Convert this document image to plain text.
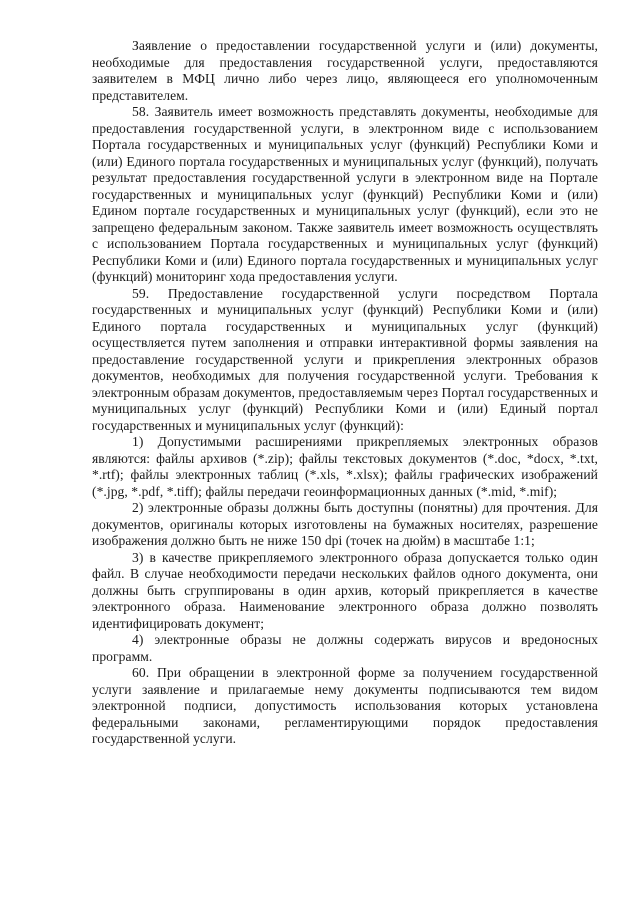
Заявление о предоставлении государственной услуги и (или) документы, необходимые для предоставления государственной услуги, предоставляются заявителем в МФЦ лично либо через лицо, являющееся его уполномоченным представителем.

58. Заявитель имеет возможность представлять документы, необходимые для предоставления государственной услуги, в электронном виде с использованием Портала государственных и муниципальных услуг (функций) Республики Коми и (или) Единого портала государственных и муниципальных услуг (функций), получать результат предоставления государственной услуги в электронном виде на Портале государственных и муниципальных услуг (функций) Республики Коми и (или) Едином портале государственных и муниципальных услуг (функций), если это не запрещено федеральным законом. Также заявитель имеет возможность осуществлять с использованием Портала государственных и муниципальных услуг (функций) Республики Коми и (или) Единого портала государственных и муниципальных услуг (функций) мониторинг хода предоставления услуги.

59. Предоставление государственной услуги посредством Портала государственных и муниципальных услуг (функций) Республики Коми и (или) Единого портала государственных и муниципальных услуг (функций) осуществляется путем заполнения и отправки интерактивной формы заявления на предоставление государственной услуги и прикрепления электронных образов документов, необходимых для получения государственной услуги. Требования к электронным образам документов, предоставляемым через Портал государственных и муниципальных услуг (функций) Республики Коми и (или) Единый портал государственных и муниципальных услуг (функций):

1) Допустимыми расширениями прикрепляемых электронных образов являются: файлы архивов (*.zip); файлы текстовых документов (*.doc, *docx, *.txt, *.rtf); файлы электронных таблиц (*.xls, *.xlsx); файлы графических изображений (*.jpg, *.pdf, *.tiff); файлы передачи геоинформационных данных (*.mid, *.mif);

2) электронные образы должны быть доступны (понятны) для прочтения. Для документов, оригиналы которых изготовлены на бумажных носителях, разрешение изображения должно быть не ниже 150 dpi (точек на дюйм) в масштабе 1:1;

3) в качестве прикрепляемого электронного образа допускается только один файл. В случае необходимости передачи нескольких файлов одного документа, они должны быть сгруппированы в один архив, который прикрепляется в качестве электронного образа. Наименование электронного образа должно позволять идентифицировать документ;

4) электронные образы не должны содержать вирусов и вредоносных программ.

60. При обращении в электронной форме за получением государственной услуги заявление и прилагаемые нему документы подписываются тем видом электронной подписи, допустимость использования которых установлена федеральными законами, регламентирующими порядок предоставления государственной услуги.
